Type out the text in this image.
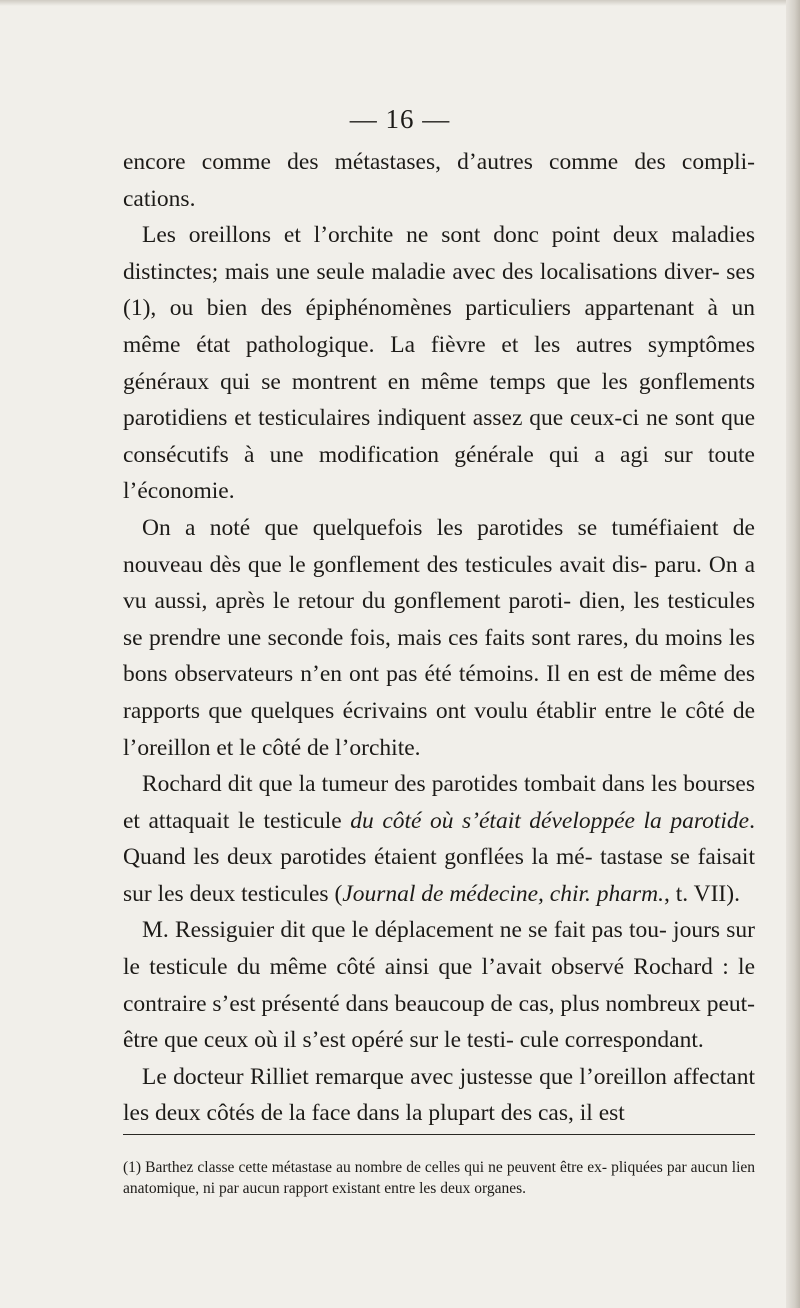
— 16 —

encore comme des métastases, d’autres comme des compli- cations.

Les oreillons et l’orchite ne sont donc point deux maladies distinctes; mais une seule maladie avec des localisations diver- ses (1), ou bien des épiphénomènes particuliers appartenant à un même état pathologique. La fièvre et les autres symptômes généraux qui se montrent en même temps que les gonflements parotidiens et testiculaires indiquent assez que ceux-ci ne sont que consécutifs à une modification générale qui a agi sur toute l’économie.

On a noté que quelquefois les parotides se tuméfiaient de nouveau dès que le gonflement des testicules avait dis- paru. On a vu aussi, après le retour du gonflement paroti- dien, les testicules se prendre une seconde fois, mais ces faits sont rares, du moins les bons observateurs n’en ont pas été témoins. Il en est de même des rapports que quelques écrivains ont voulu établir entre le côté de l’oreillon et le côté de l’orchite.

Rochard dit que la tumeur des parotides tombait dans les bourses et attaquait le testicule du côté où s’était développée la parotide. Quand les deux parotides étaient gonflées la mé- tastase se faisait sur les deux testicules (Journal de médecine, chir. pharm., t. VII).

M. Ressiguier dit que le déplacement ne se fait pas tou- jours sur le testicule du même côté ainsi que l’avait observé Rochard : le contraire s’est présenté dans beaucoup de cas, plus nombreux peut-être que ceux où il s’est opéré sur le testi- cule correspondant.

Le docteur Rilliet remarque avec justesse que l’oreillon affectant les deux côtés de la face dans la plupart des cas, il est

(1) Barthez classe cette métastase au nombre de celles qui ne peuvent être ex- pliquées par aucun lien anatomique, ni par aucun rapport existant entre les deux organes.
